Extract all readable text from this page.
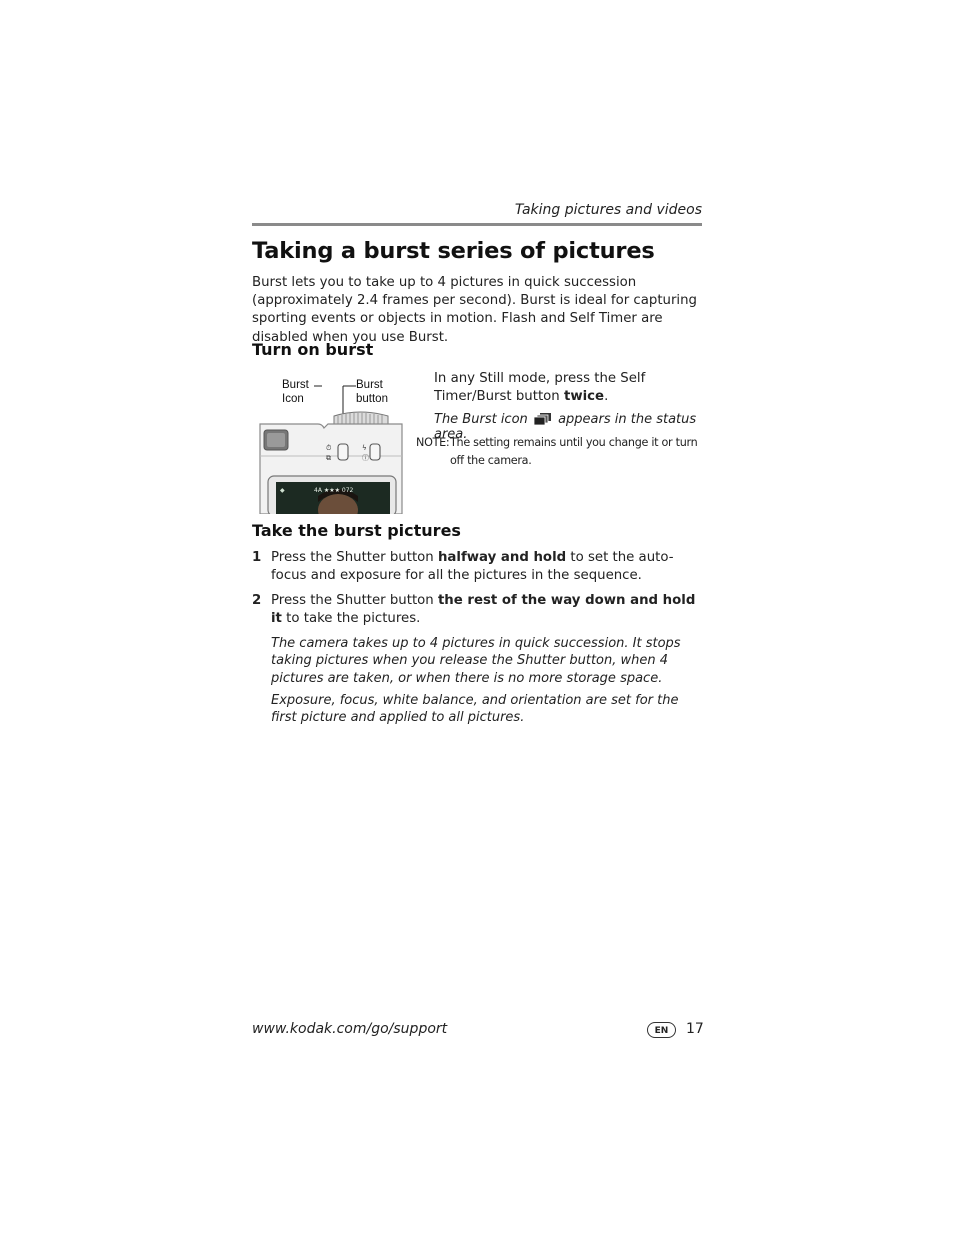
Taking pictures and videos
Taking a burst series of pictures

Burst lets you to take up to 4 pictures in quick succession (approximately 2.4 frames per second). Burst is ideal for capturing sporting events or objects in motion. Flash and Self Timer are disabled when you use Burst.

Turn on burst
Burst
Icon
Burst
button
⏱
⧉
ϟ
ⓘ
◆	4A ★★★ 072

In any Still mode, press the Self Timer/Burst button twice.

The Burst icon appears in the status area.

NOTE: The setting remains until you change it or turn off the camera.
Take the burst pictures
1 Press the Shutter button halfway and hold to set the auto-focus and exposure for all the pictures in the sequence.
2 Press the Shutter button the rest of the way down and hold it to take the pictures.

The camera takes up to 4 pictures in quick succession. It stops taking pictures when you release the Shutter button, when 4 pictures are taken, or when there is no more storage space.

Exposure, focus, white balance, and orientation are set for the first picture and applied to all pictures.

www.kodak.com/go/support	EN	17
